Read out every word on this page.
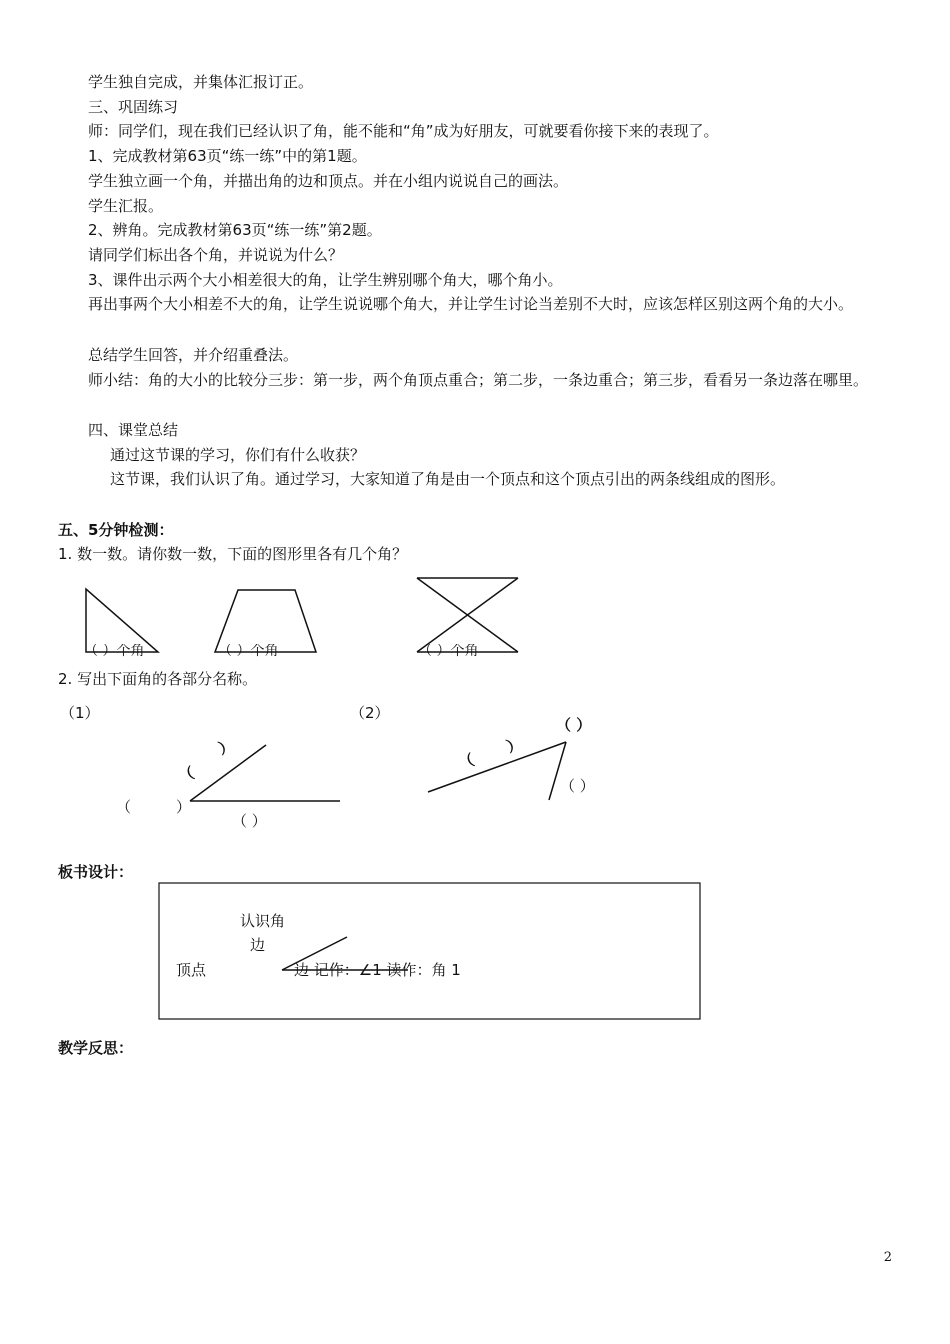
学生独自完成，并集体汇报订正。
三、巩固练习
师：同学们，现在我们已经认识了角，能不能和“角”成为好朋友，可就要看你接下来的表现了。
1、完成教材第63页“练一练”中的第1题。
学生独立画一个角，并描出角的边和顶点。并在小组内说说自己的画法。
学生汇报。
2、辨角。完成教材第63页“练一练”第2题。
请同学们标出各个角，并说说为什么？
3、课件出示两个大小相差很大的角，让学生辨别哪个角大，哪个角小。
再出事两个大小相差不大的角，让学生说说哪个角大，并让学生讨论当差别不大时，应该怎样区别这两个角的大小。
总结学生回答，并介绍重叠法。
师小结：角的大小的比较分三步：第一步，两个角顶点重合；第二步，一条边重合；第三步，看看另一条边落在哪里。
四、课堂总结
通过这节课的学习，你们有什么收获？
这节课，我们认识了角。通过学习，大家知道了角是由一个顶点和这个顶点引出的两条线组成的图形。
五、5分钟检测：
1. 数一数。请你数一数，下面的图形里各有几个角？
（ ）个角	（ ）个角	（ ）个角
2. 写出下面角的各部分名称。
（1）	（2）
）
（
（	）
（ ）
（ ）
）
（
（ ）
板书设计：
认识角
边
顶点	边 记作：∠1 读作：角 1
教学反思：
2
